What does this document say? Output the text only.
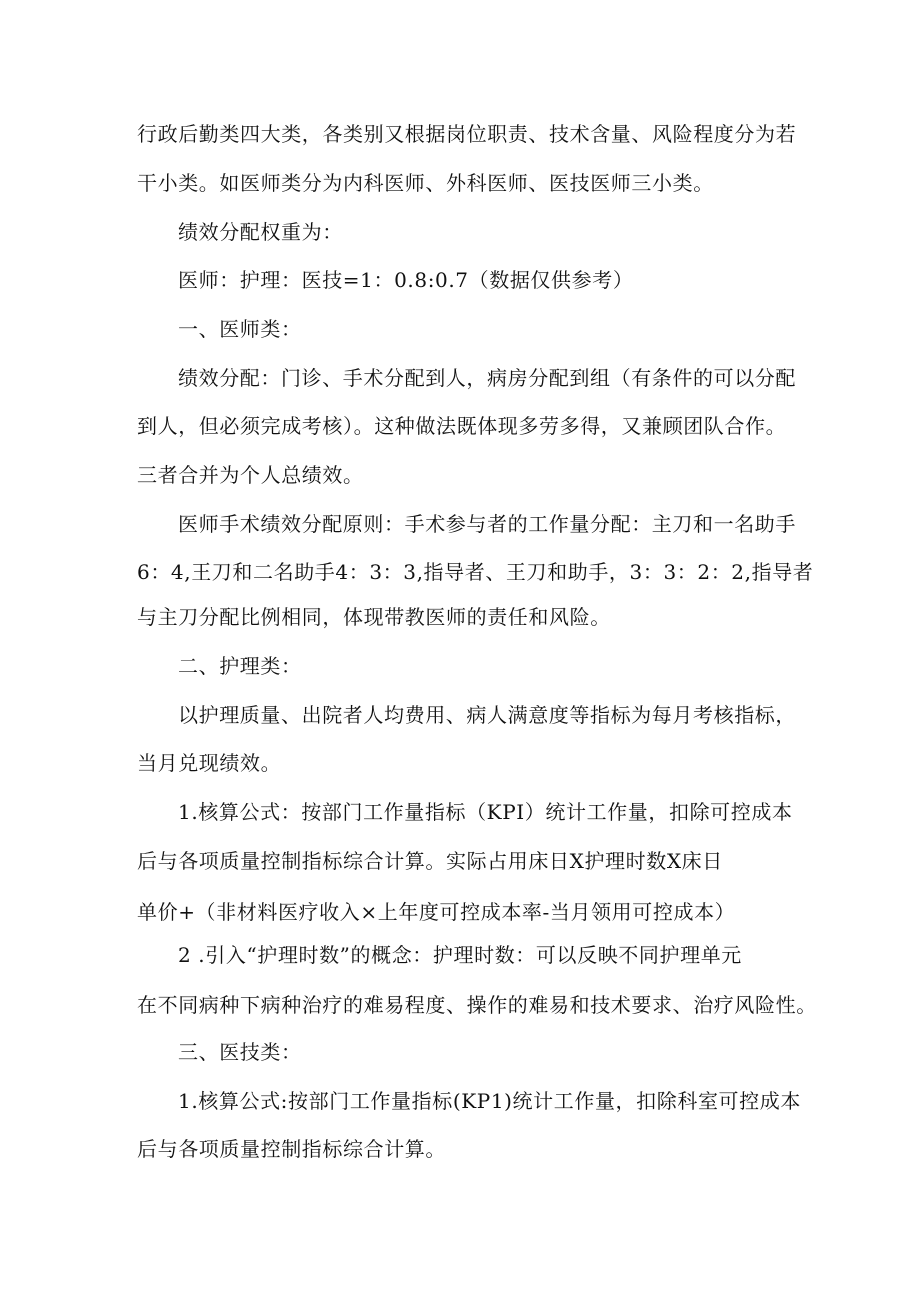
行政后勤类四大类，各类别又根据岗位职责、技术含量、风险程度分为若
干小类。如医师类分为内科医师、外科医师、医技医师三小类。
绩效分配权重为：
医师：护理：医技=1：0.8:0.7（数据仅供参考）
一、医师类：
绩效分配：门诊、手术分配到人，病房分配到组（有条件的可以分配
到人，但必须完成考核）。这种做法既体现多劳多得，又兼顾团队合作。
三者合并为个人总绩效。
医师手术绩效分配原则：手术参与者的工作量分配：主刀和一名助手
6：4,王刀和二名助手4：3：3,指导者、王刀和助手，3：3：2：2,指导者
与主刀分配比例相同，体现带教医师的责任和风险。
二、护理类：
以护理质量、出院者人均费用、病人满意度等指标为每月考核指标，
当月兑现绩效。
1.核算公式：按部门工作量指标（KPI）统计工作量，扣除可控成本
后与各项质量控制指标综合计算。实际占用床日X护理时数X床日
单价+（非材料医疗收入×上年度可控成本率-当月领用可控成本）
2 .引入“护理时数”的概念：护理时数：可以反映不同护理单元
在不同病种下病种治疗的难易程度、操作的难易和技术要求、治疗风险性。
三、医技类：
1.核算公式:按部门工作量指标(KP1)统计工作量，扣除科室可控成本
后与各项质量控制指标综合计算。
